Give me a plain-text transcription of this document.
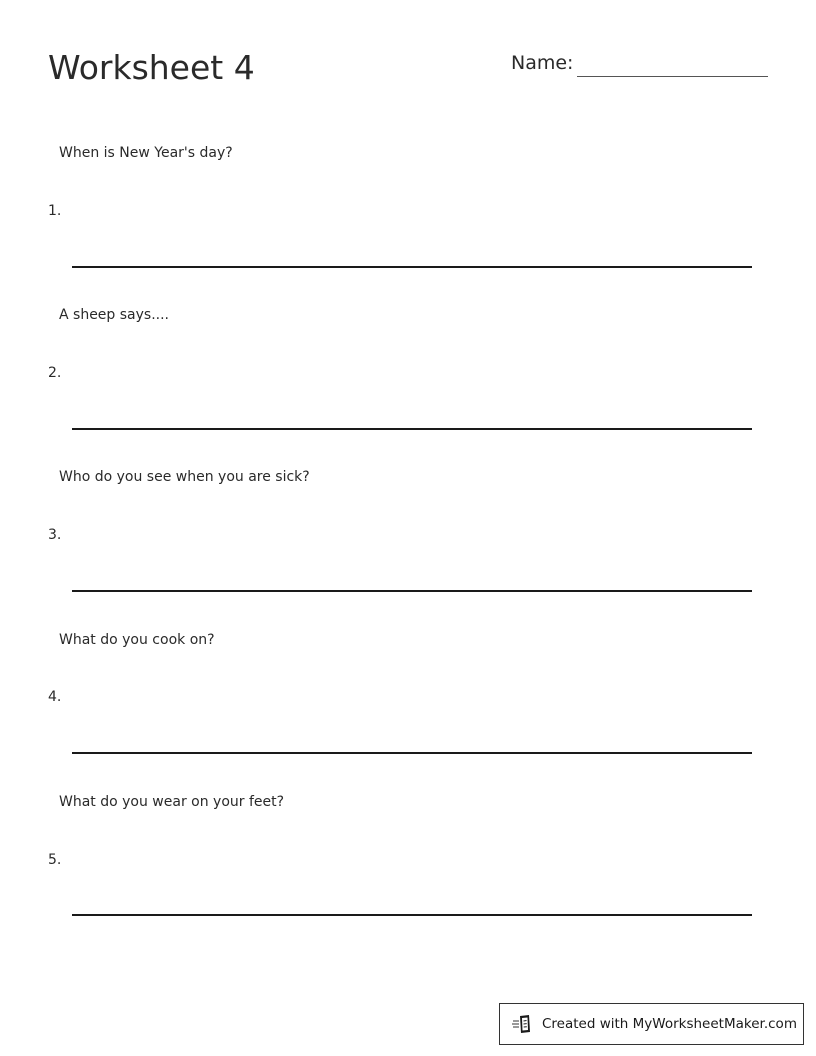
Worksheet 4	Name:
When is New Year's day?
1.
A sheep says....
2.
Who do you see when you are sick?
3.
What do you cook on?
4.
What do you wear on your feet?
5.
Created with MyWorksheetMaker.com
